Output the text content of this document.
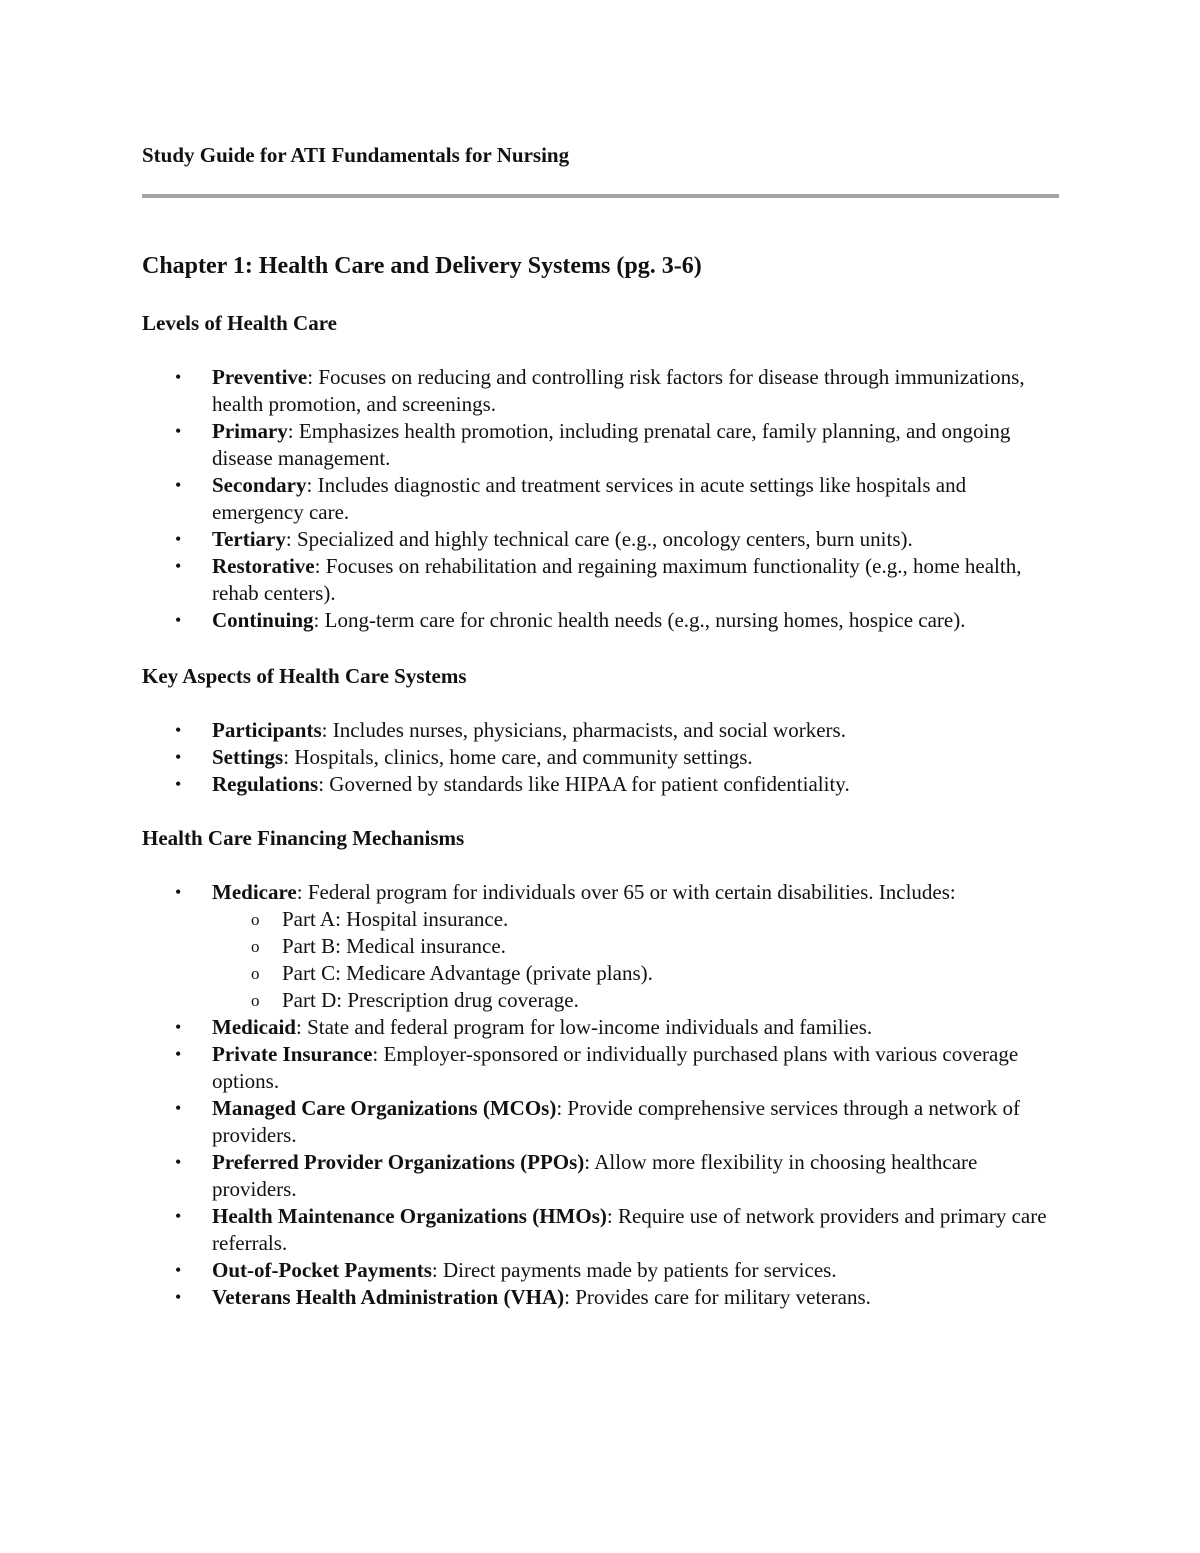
Study Guide for ATI Fundamentals for Nursing
Chapter 1: Health Care and Delivery Systems (pg. 3-6)
Levels of Health Care
• Preventive: Focuses on reducing and controlling risk factors for disease through immunizations, health promotion, and screenings.
• Primary: Emphasizes health promotion, including prenatal care, family planning, and ongoing disease management.
• Secondary: Includes diagnostic and treatment services in acute settings like hospitals and emergency care.
• Tertiary: Specialized and highly technical care (e.g., oncology centers, burn units).
• Restorative: Focuses on rehabilitation and regaining maximum functionality (e.g., home health, rehab centers).
• Continuing: Long-term care for chronic health needs (e.g., nursing homes, hospice care).
Key Aspects of Health Care Systems
• Participants: Includes nurses, physicians, pharmacists, and social workers.
• Settings: Hospitals, clinics, home care, and community settings.
• Regulations: Governed by standards like HIPAA for patient confidentiality.
Health Care Financing Mechanisms
• Medicare: Federal program for individuals over 65 or with certain disabilities. Includes:
o Part A: Hospital insurance.
o Part B: Medical insurance.
o Part C: Medicare Advantage (private plans).
o Part D: Prescription drug coverage.
• Medicaid: State and federal program for low-income individuals and families.
• Private Insurance: Employer-sponsored or individually purchased plans with various coverage options.
• Managed Care Organizations (MCOs): Provide comprehensive services through a network of providers.
• Preferred Provider Organizations (PPOs): Allow more flexibility in choosing healthcare providers.
• Health Maintenance Organizations (HMOs): Require use of network providers and primary care referrals.
• Out-of-Pocket Payments: Direct payments made by patients for services.
• Veterans Health Administration (VHA): Provides care for military veterans.
